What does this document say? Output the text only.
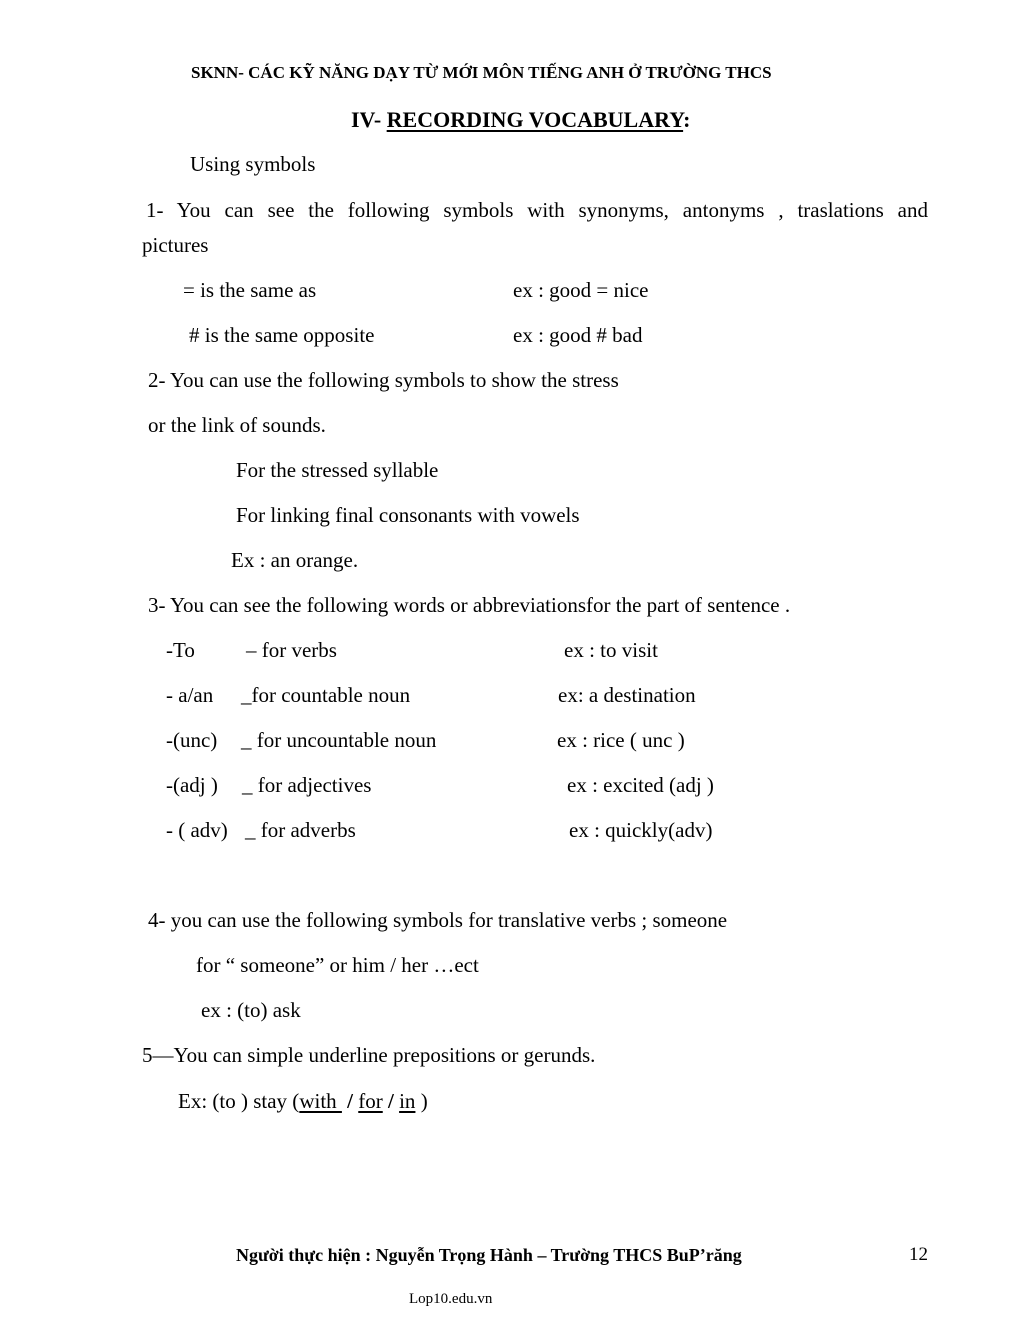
SKNN- CÁC KỸ NĂNG DẠY TỪ MỚI MÔN TIẾNG ANH Ở TRƯỜNG THCS
IV- RECORDING VOCABULARY:
Using symbols
1- You can see the following symbols with synonyms, antonyms , traslations and
pictures
= is the same as	ex : good = nice
# is the same opposite	ex : good # bad
2- You can use the following symbols to show the stress
or the link of sounds.
For the stressed syllable
For linking final consonants with vowels
Ex : an orange.
3- You can see the following words or abbreviationsfor the part of sentence .
-To – for verbs	ex : to visit
- a/an _for countable noun	ex: a destination
-(unc) _ for uncountable noun	ex : rice ( unc )
-(adj ) _ for adjectives	ex : excited (adj )
- ( adv) _ for adverbs	ex : quickly(adv)
4- you can use the following symbols for translative verbs ; someone
for “ someone” or him / her …ect
ex : (to) ask
5—You can simple underline prepositions or gerunds.
Ex: (to ) stay (with  / for / in )
Người thực hiện : Nguyễn Trọng Hành – Trường THCS BuP’răng	12
Lop10.edu.vn
